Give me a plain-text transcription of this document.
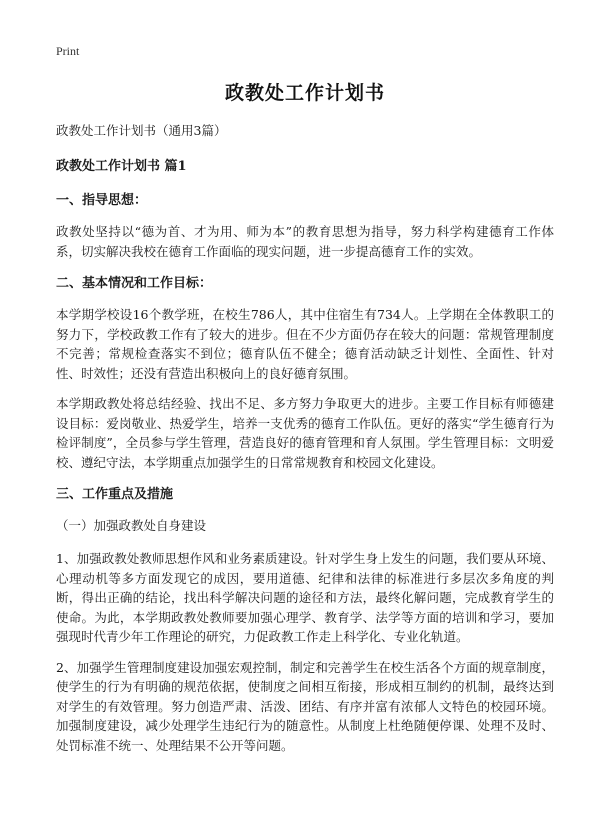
Print
政教处工作计划书

政教处工作计划书（通用3篇）

政教处工作计划书 篇1

一、指导思想：

政教处坚持以“德为首、才为用、师为本”的教育思想为指导，努力科学构建德育工作体系，切实解决我校在德育工作面临的现实问题，进一步提高德育工作的实效。

二、基本情况和工作目标：

本学期学校设16个教学班，在校生786人，其中住宿生有734人。上学期在全体教职工的努力下，学校政教工作有了较大的进步。但在不少方面仍存在较大的问题：常规管理制度不完善；常规检查落实不到位；德育队伍不健全；德育活动缺乏计划性、全面性、针对性、时效性；还没有营造出积极向上的良好德育氛围。

本学期政教处将总结经验、找出不足、多方努力争取更大的进步。主要工作目标有师德建设目标：爱岗敬业、热爱学生，培养一支优秀的德育工作队伍。更好的落实“学生德育行为检评制度”，全员参与学生管理，营造良好的德育管理和育人氛围。学生管理目标：文明爱校、遵纪守法，本学期重点加强学生的日常常规教育和校园文化建设。

三、工作重点及措施

（一）加强政教处自身建设

1、加强政教处教师思想作风和业务素质建设。针对学生身上发生的问题，我们要从环境、心理动机等多方面发现它的成因，要用道德、纪律和法律的标准进行多层次多角度的判断，得出正确的结论，找出科学解决问题的途径和方法，最终化解问题，完成教育学生的使命。为此，本学期政教处教师要加强心理学、教育学、法学等方面的培训和学习，要加强现时代青少年工作理论的研究，力促政教工作走上科学化、专业化轨道。

2、加强学生管理制度建设加强宏观控制，制定和完善学生在校生活各个方面的规章制度，使学生的行为有明确的规范依据，使制度之间相互衔接，形成相互制约的机制，最终达到对学生的有效管理。努力创造严肃、活泼、团结、有序并富有浓郁人文特色的校园环境。加强制度建设，减少处理学生违纪行为的随意性。从制度上杜绝随便停课、处理不及时、处罚标准不统一、处理结果不公开等问题。
